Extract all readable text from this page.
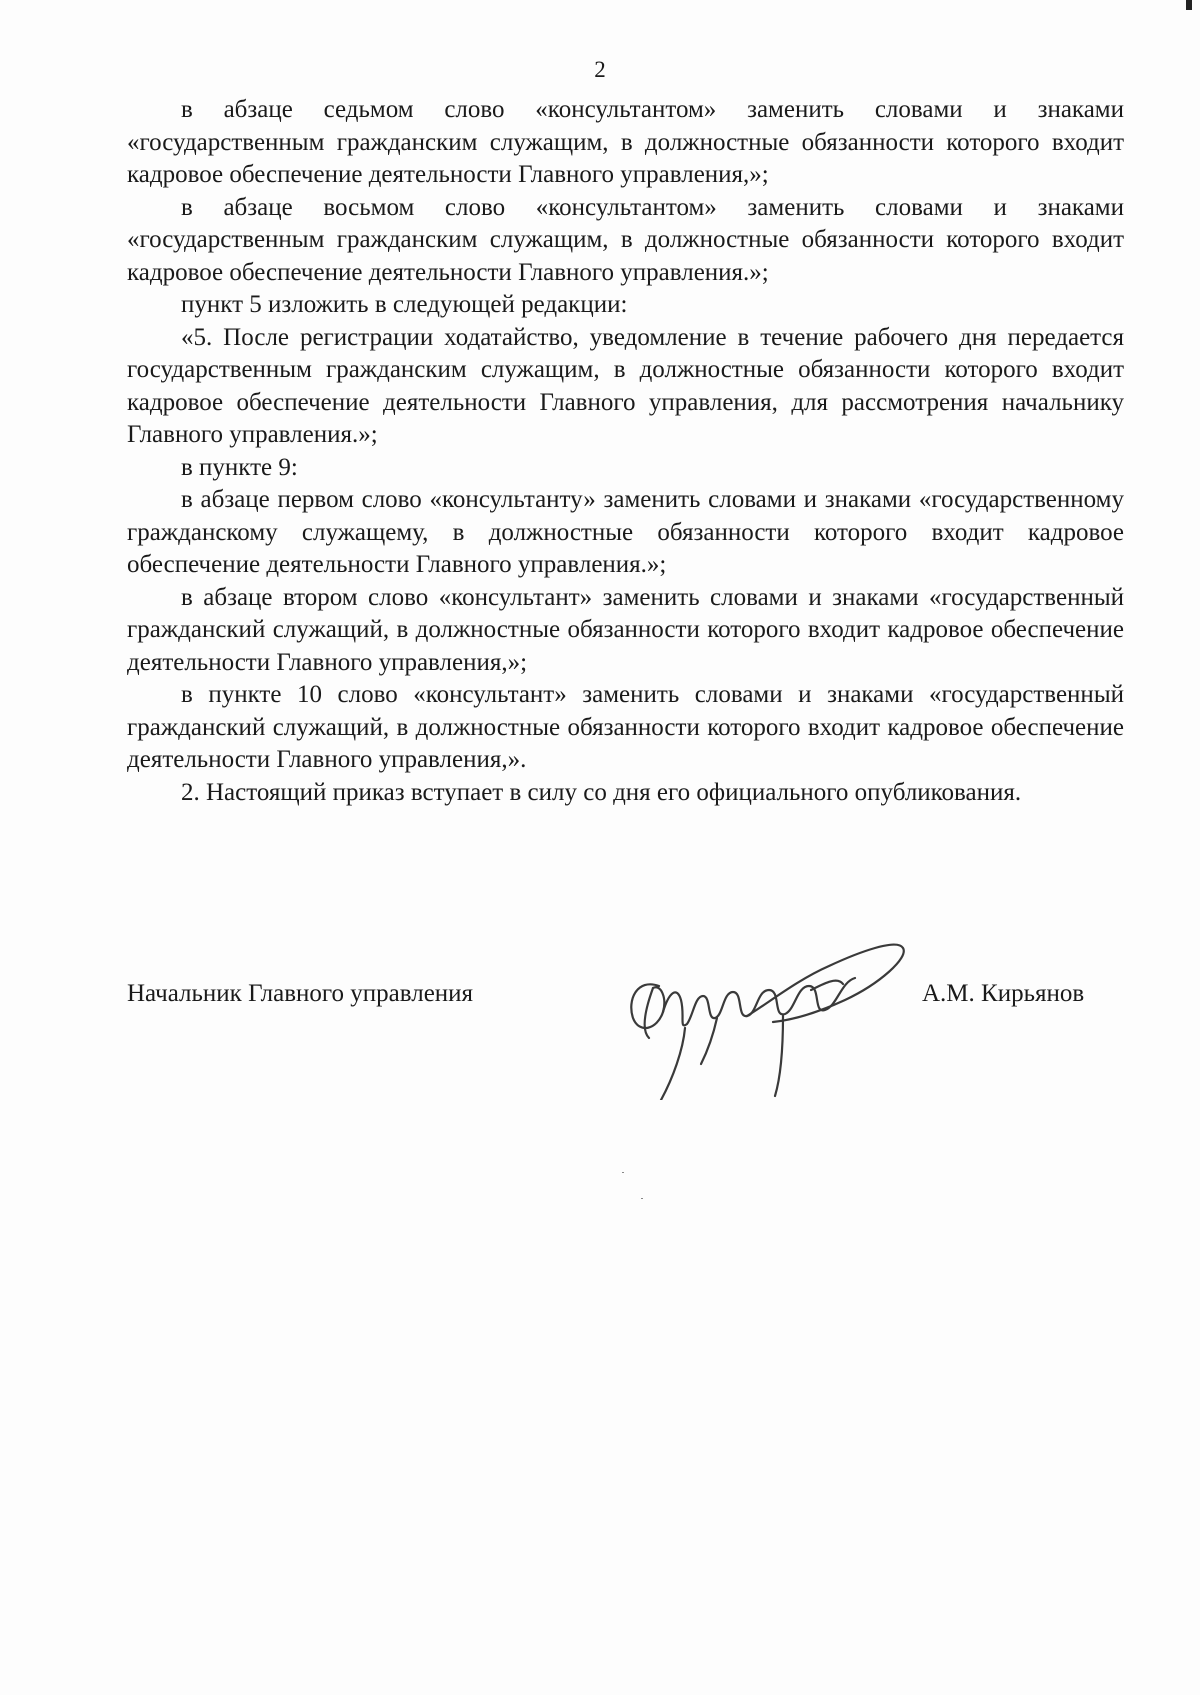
2

в абзаце седьмом слово «консультантом» заменить словами и знаками «государственным гражданским служащим, в должностные обязанности которого входит кадровое обеспечение деятельности Главного управления,»;

в абзаце восьмом слово «консультантом» заменить словами и знаками «государственным гражданским служащим, в должностные обязанности которого входит кадровое обеспечение деятельности Главного управления.»;

пункт 5 изложить в следующей редакции:

«5. После регистрации ходатайство, уведомление в течение рабочего дня передается государственным гражданским служащим, в должностные обязанности которого входит кадровое обеспечение деятельности Главного управления, для рассмотрения начальнику Главного управления.»;

в пункте 9:

в абзаце первом слово «консультанту» заменить словами и знаками «государственному гражданскому служащему, в должностные обязанности которого входит кадровое обеспечение деятельности Главного управления.»;

в абзаце втором слово «консультант» заменить словами и знаками «государственный гражданский служащий, в должностные обязанности которого входит кадровое обеспечение деятельности Главного управления,»;

в пункте 10 слово «консультант» заменить словами и знаками «государственный гражданский служащий, в должностные обязанности которого входит кадровое обеспечение деятельности Главного управления,».

2. Настоящий приказ вступает в силу со дня его официального опубликования.

Начальник Главного управления	А.М. Кирьянов
